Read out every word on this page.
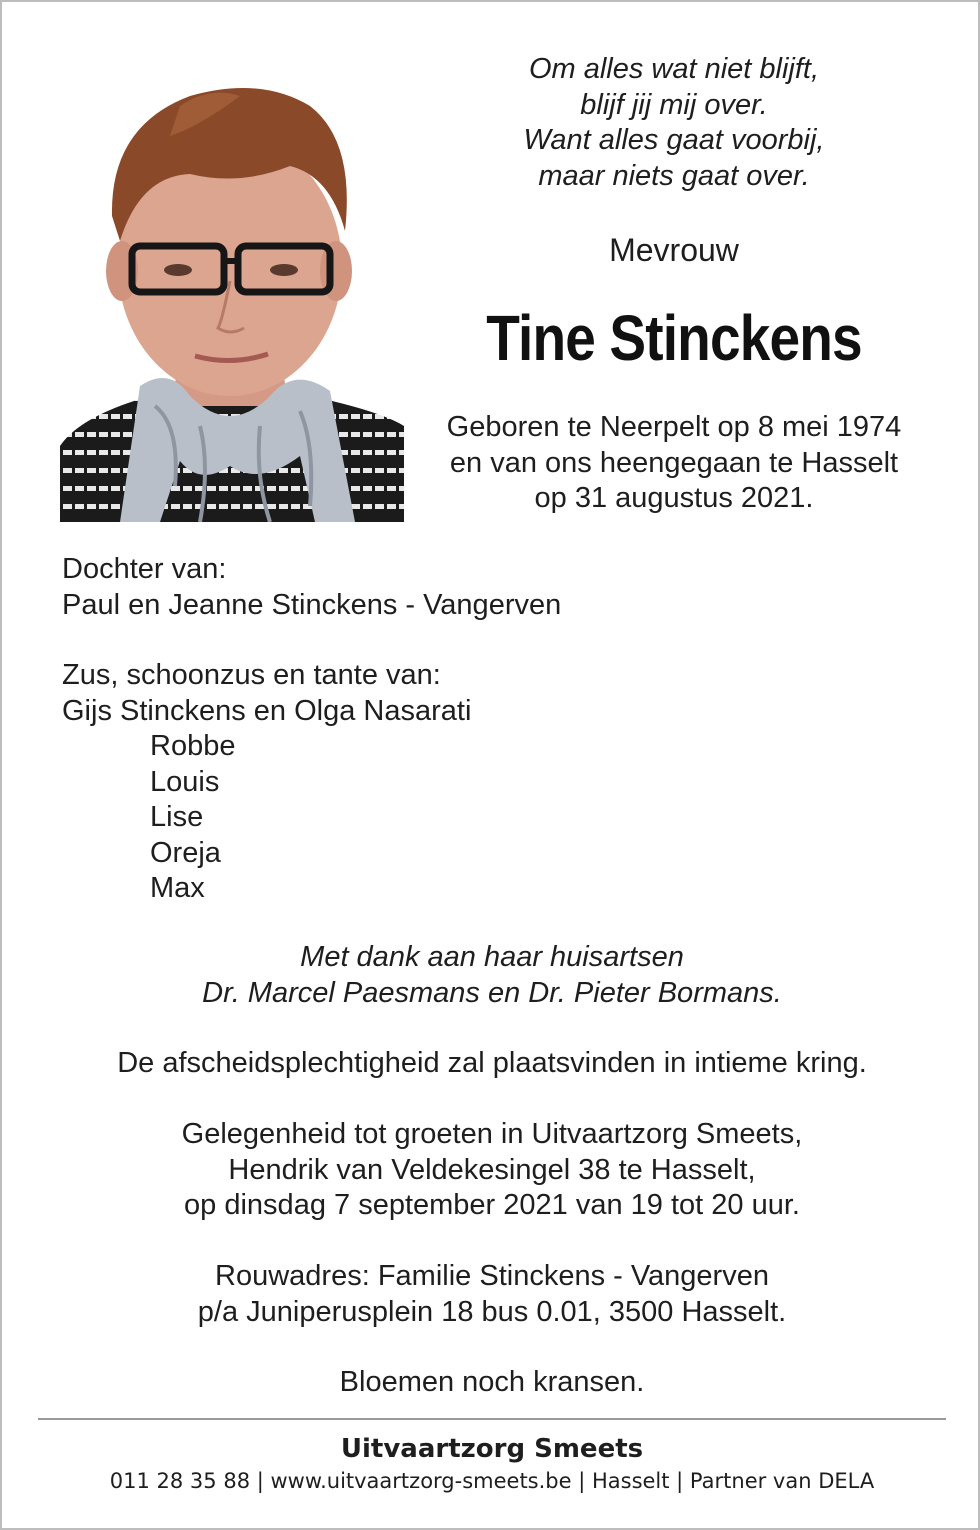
Om alles wat niet blijft,
blijf jij mij over.
Want alles gaat voorbij,
maar niets gaat over.
Mevrouw
Tine Stinckens
Geboren te Neerpelt op 8 mei 1974
en van ons heengegaan te Hasselt
op 31 augustus 2021.
Dochter van:
Paul en Jeanne Stinckens - Vangerven
Zus, schoonzus en tante van:
Gijs Stinckens en Olga Nasarati
Robbe
Louis
Lise
Oreja
Max
Met dank aan haar huisartsen
Dr. Marcel Paesmans en Dr. Pieter Bormans.
De afscheidsplechtigheid zal plaatsvinden in intieme kring.
Gelegenheid tot groeten in Uitvaartzorg Smeets,
Hendrik van Veldekesingel 38 te Hasselt,
op dinsdag 7 september 2021 van 19 tot 20 uur.
Rouwadres: Familie Stinckens - Vangerven
p/a Juniperusplein 18 bus 0.01, 3500 Hasselt.
Bloemen noch kransen.
Uitvaartzorg Smeets
011 28 35 88 | www.uitvaartzorg-smeets.be | Hasselt | Partner van DELA
